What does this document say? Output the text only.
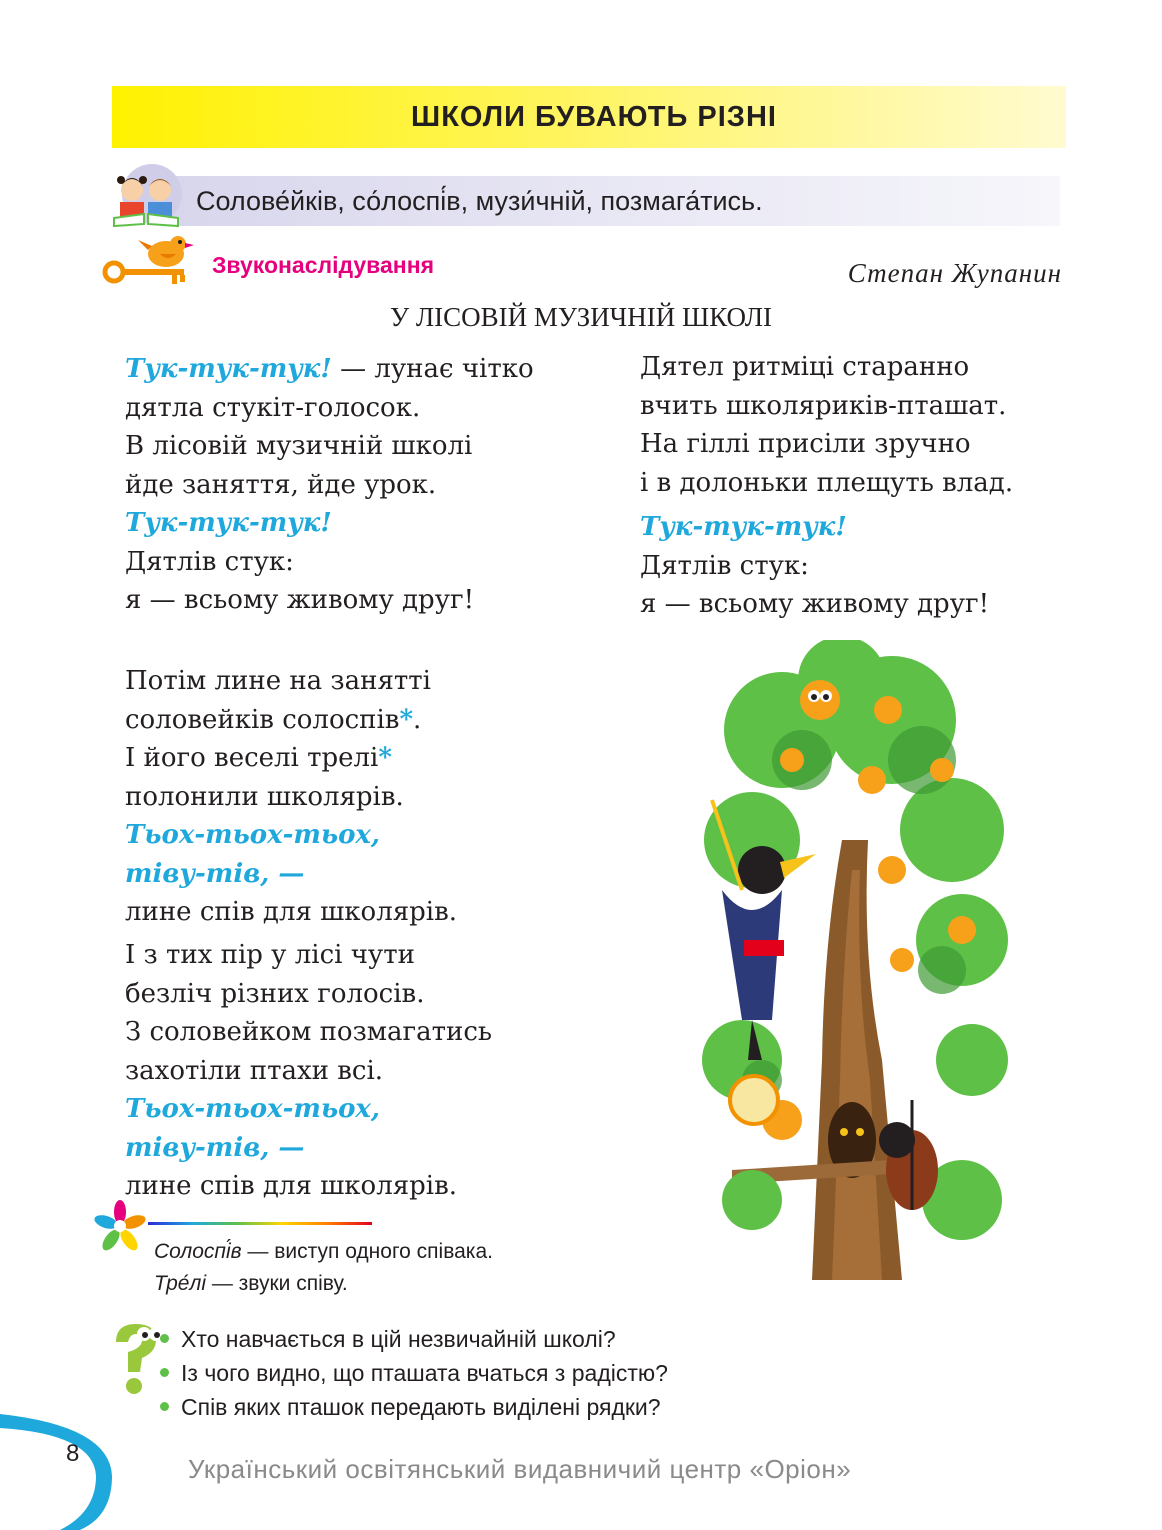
ШКОЛИ БУВАЮТЬ РІЗНІ
Солове́йків, со́лоспі́в, музи́чній, позмага́тись.
Звуконаслідування	Степан Жупанин
У ЛІСОВІЙ МУЗИЧНІЙ ШКОЛІ
Тук-тук-тук! — лунає чітко
дятла стукіт-голосок.
В лісовій музичній школі
йде заняття, йде урок.
Тук-тук-тук!
Дятлів стук:
я — всьому живому друг!
Дятел ритміці старанно
вчить школяриків-пташат.
На гіллі присіли зручно
і в долоньки плещуть влад.
Тук-тук-тук!
Дятлів стук:
я — всьому живому друг!
Потім лине на занятті
соловейків солоспів*.
І його веселі трелі*
полонили школярів.
Тьох-тьох-тьох,
тіву-тів, —
лине спів для школярів.
І з тих пір у лісі чути
безліч різних голосів.
З соловейком позмагатись
захотіли птахи всі.
Тьох-тьох-тьох,
тіву-тів, —
лине спів для школярів.
Солоспі́в — виступ одного співака.
Тре́лі — звуки співу.
Хто навчається в цій незвичайній школі?
Із чого видно, що пташата вчаться з радістю?
Спів яких пташок передають виділені рядки?
8
Український освітянський видавничий центр «Оріон»
